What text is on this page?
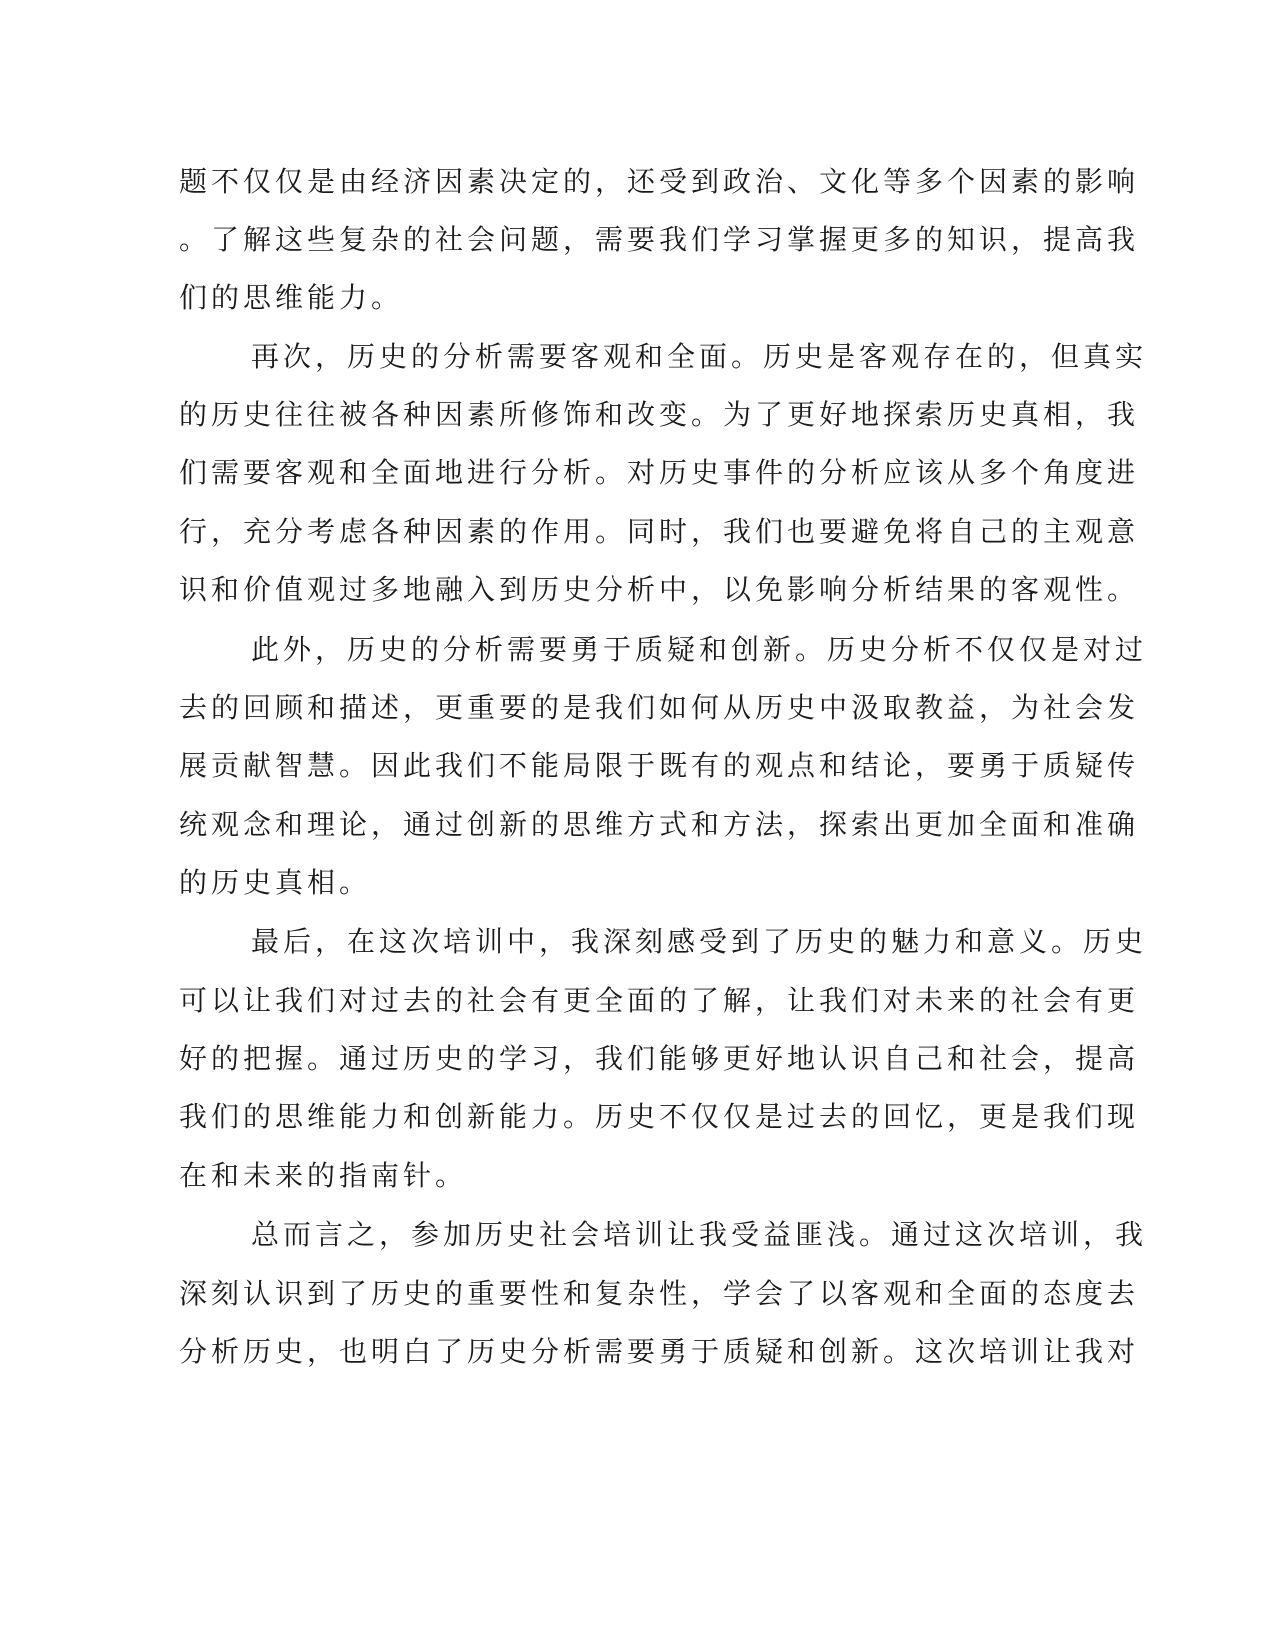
题不仅仅是由经济因素决定的，还受到政治、文化等多个因素的影响

。了解这些复杂的社会问题，需要我们学习掌握更多的知识，提高我

们的思维能力。

再次，历史的分析需要客观和全面。历史是客观存在的，但真实

的历史往往被各种因素所修饰和改变。为了更好地探索历史真相，我

们需要客观和全面地进行分析。对历史事件的分析应该从多个角度进

行，充分考虑各种因素的作用。同时，我们也要避免将自己的主观意

识和价值观过多地融入到历史分析中，以免影响分析结果的客观性。

此外，历史的分析需要勇于质疑和创新。历史分析不仅仅是对过

去的回顾和描述，更重要的是我们如何从历史中汲取教益，为社会发

展贡献智慧。因此我们不能局限于既有的观点和结论，要勇于质疑传

统观念和理论，通过创新的思维方式和方法，探索出更加全面和准确

的历史真相。

最后，在这次培训中，我深刻感受到了历史的魅力和意义。历史

可以让我们对过去的社会有更全面的了解，让我们对未来的社会有更

好的把握。通过历史的学习，我们能够更好地认识自己和社会，提高

我们的思维能力和创新能力。历史不仅仅是过去的回忆，更是我们现

在和未来的指南针。

总而言之，参加历史社会培训让我受益匪浅。通过这次培训，我

深刻认识到了历史的重要性和复杂性，学会了以客观和全面的态度去

分析历史，也明白了历史分析需要勇于质疑和创新。这次培训让我对
